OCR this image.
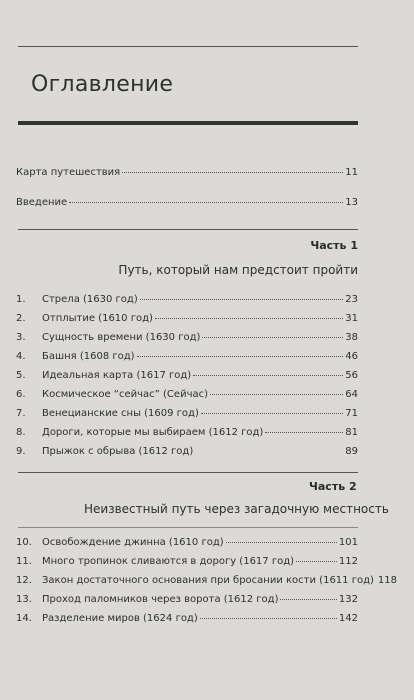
Оглавление
Карта путешествия	11
Введение	13
Часть 1
Путь, который нам предстоит пройти
1.	Стрела (1630 год)	23
2.	Отплытие (1610 год)	31
3.	Сущность времени (1630 год)	38
4.	Башня (1608 год)	46
5.	Идеальная карта (1617 год)	56
6.	Космическое “сейчас” (Сейчас)	64
7.	Венецианские сны (1609 год)	71
8.	Дороги, которые мы выбираем (1612 год)	81
9.	Прыжок с обрыва (1612 год)	89
Часть 2
Неизвестный путь через загадочную местность
10.	Освобождение джинна (1610 год)	101
11.	Много тропинок сливаются в дорогу (1617 год)	112
12.	Закон достаточного основания при бросании кости (1611 год) 118
13.	Проход паломников через ворота (1612 год)	132
14.	Разделение миров (1624 год)	142
